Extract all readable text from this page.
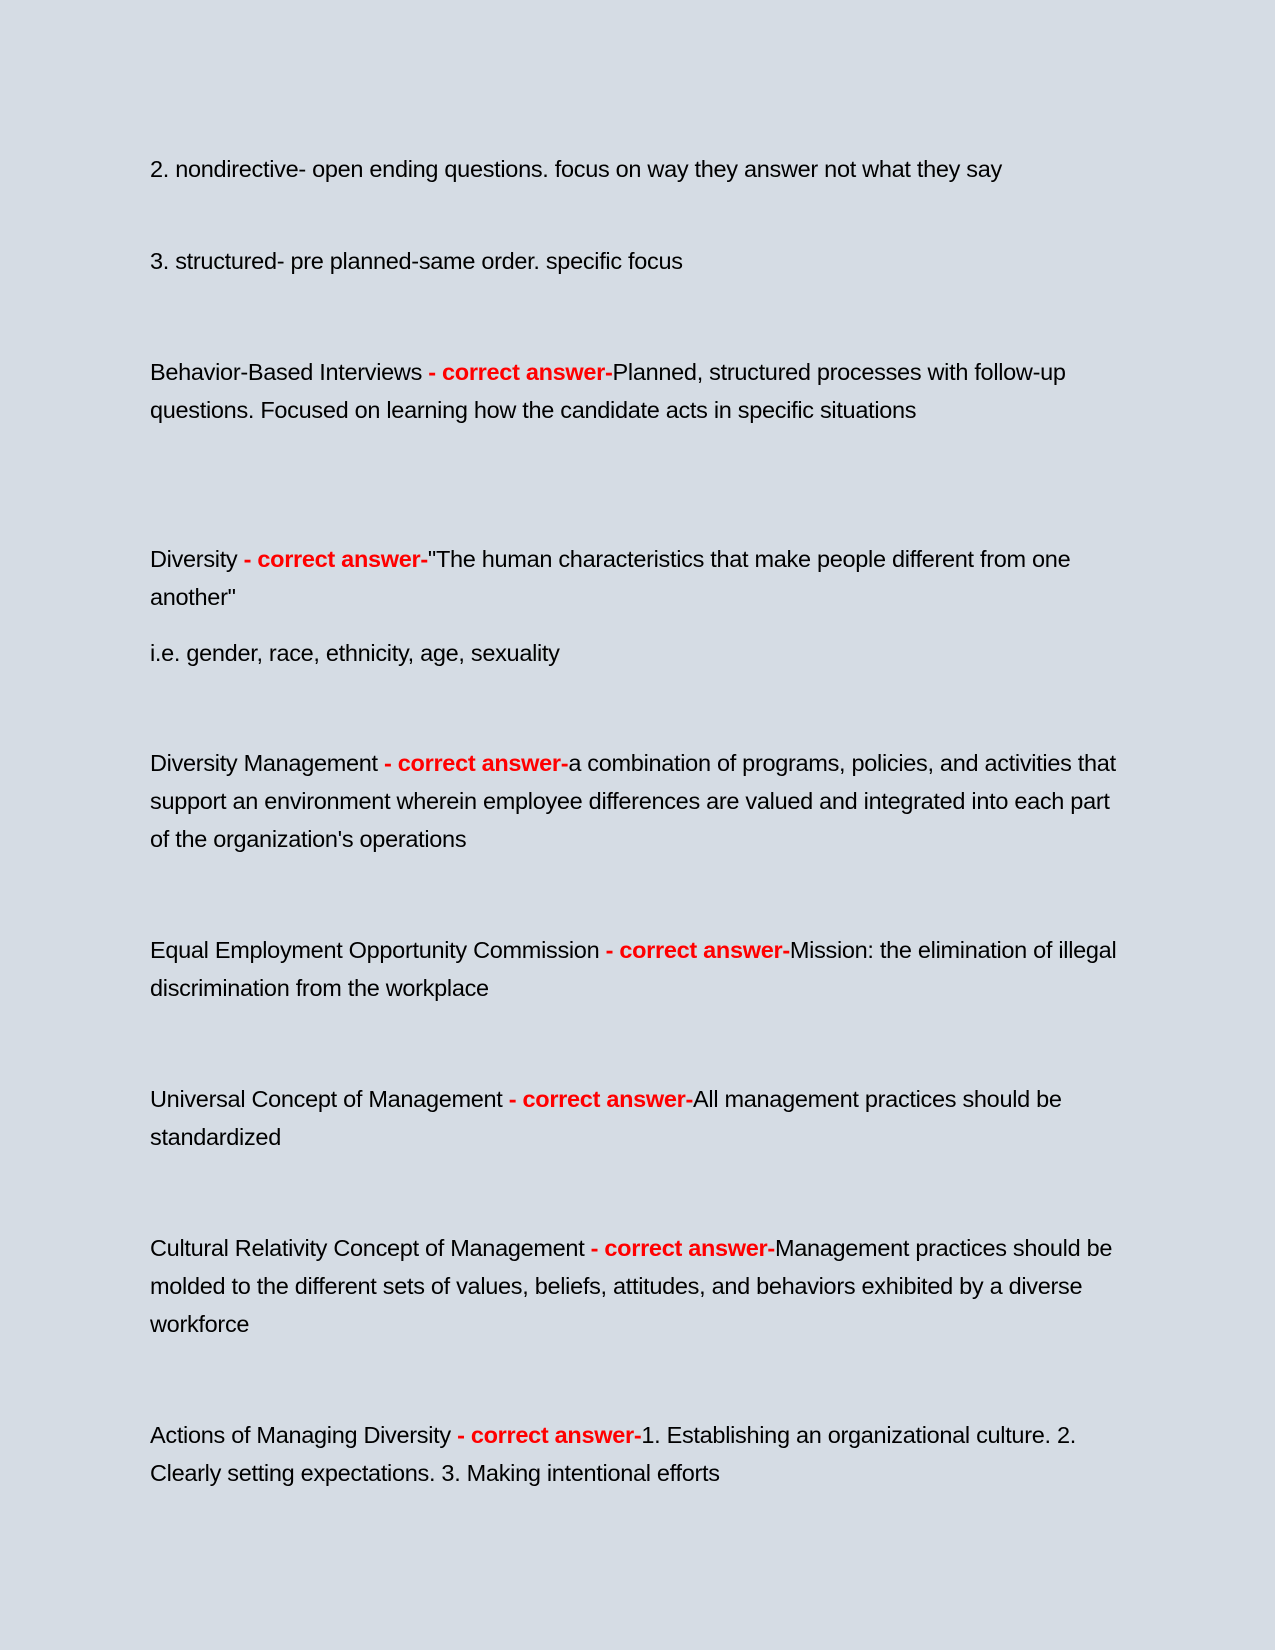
2. nondirective- open ending questions. focus on way they answer not what they say

3. structured- pre planned-same order. specific focus

Behavior-Based Interviews - correct answer-Planned, structured processes with follow-up questions. Focused on learning how the candidate acts in specific situations

Diversity - correct answer-"The human characteristics that make people different from one another"

i.e. gender, race, ethnicity, age, sexuality

Diversity Management - correct answer-a combination of programs, policies, and activities that support an environment wherein employee differences are valued and integrated into each part of the organization's operations

Equal Employment Opportunity Commission - correct answer-Mission: the elimination of illegal discrimination from the workplace

Universal Concept of Management - correct answer-All management practices should be standardized

Cultural Relativity Concept of Management - correct answer-Management practices should be molded to the different sets of values, beliefs, attitudes, and behaviors exhibited by a diverse workforce

Actions of Managing Diversity - correct answer-1. Establishing an organizational culture. 2. Clearly setting expectations. 3. Making intentional efforts
